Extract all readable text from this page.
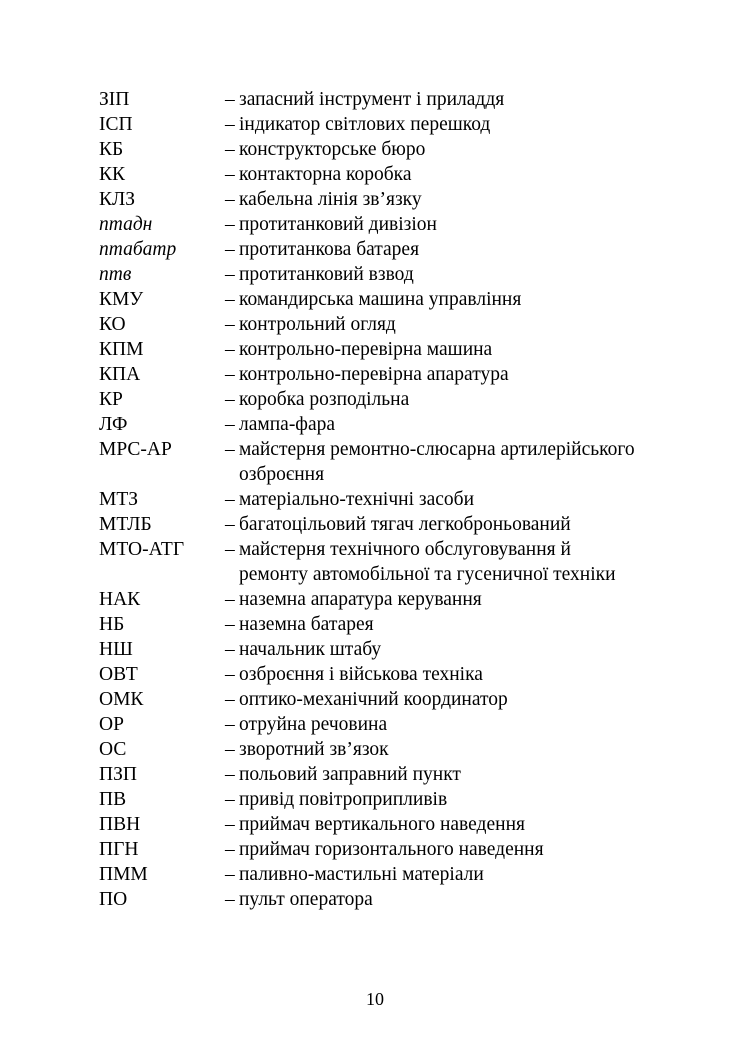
ЗІП	– запасний інструмент і приладдя
ІСП	– індикатор світлових перешкод
КБ	– конструкторське бюро
КК	– контакторна коробка
КЛЗ	– кабельна лінія зв’язку
птадн	– протитанковий дивізіон
птабатр	– протитанкова батарея
птв	– протитанковий взвод
КМУ	– командирська машина управління
КО	– контрольний огляд
КПМ	– контрольно-перевірна машина
КПА	– контрольно-перевірна апаратура
КР	– коробка розподільна
ЛФ	– лампа-фара
МРС-АР	– майстерня ремонтно-слюсарна артилерійського озброєння
МТЗ	– матеріально-технічні засоби
МТЛБ	– багатоцільовий тягач легкоброньований
МТО-АТГ	– майстерня технічного обслуговування й ремонту автомобільної та гусеничної техніки
НАК	– наземна апаратура керування
НБ	– наземна батарея
НШ	– начальник штабу
ОВТ	– озброєння і військова техніка
ОМК	– оптико-механічний координатор
ОР	– отруйна речовина
ОС	– зворотний зв’язок
ПЗП	– польовий заправний пункт
ПВ	– привід повітроприпливів
ПВН	– приймач вертикального наведення
ПГН	– приймач горизонтального наведення
ПММ	– паливно-мастильні матеріали
ПО	– пульт оператора
10
